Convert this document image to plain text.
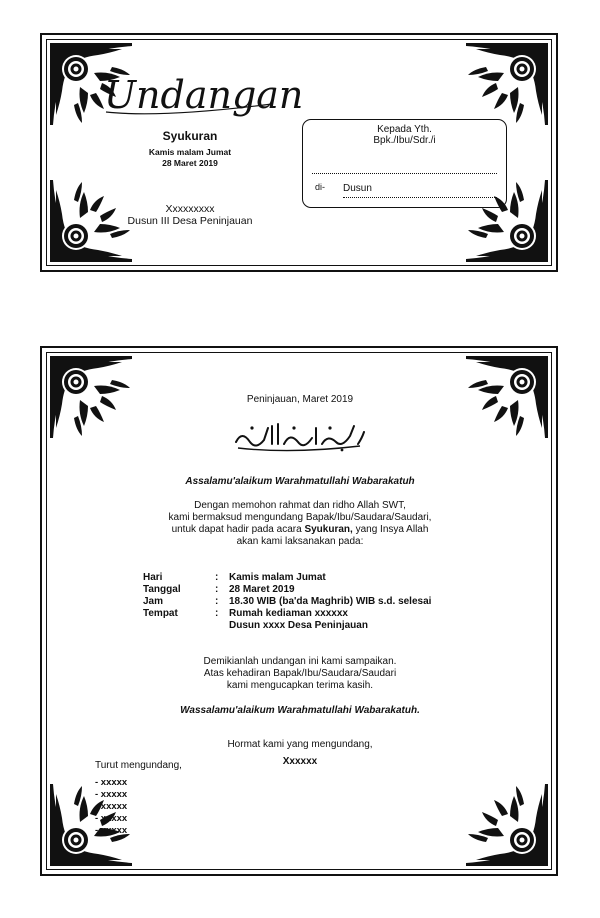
Undangan
Syukuran
Kamis malam Jumat
28 Maret 2019
Xxxxxxxxx
Dusun III Desa Peninjauan
Kepada Yth.
Bpk./Ibu/Sdr./i
di- Dusun
Peninjauan, Maret 2019
Assalamu'alaikum Warahmatullahi Wabarakatuh
Dengan memohon rahmat dan ridho Allah SWT,
kami bermaksud mengundang Bapak/Ibu/Saudara/Saudari,
untuk dapat hadir pada acara Syukuran, yang Insya Allah
akan kami laksanakan pada:
Hari	:	Kamis malam Jumat
Tanggal	:	28 Maret 2019
Jam	:	18.30 WIB (ba'da Maghrib) WIB s.d. selesai
Tempat	:	Rumah kediaman xxxxxx
Dusun xxxx Desa Peninjauan
Demikianlah undangan ini kami sampaikan.
Atas kehadiran Bapak/Ibu/Saudara/Saudari
kami mengucapkan terima kasih.
Wassalamu'alaikum Warahmatullahi Wabarakatuh.
Hormat kami yang mengundang,
Xxxxxx
Turut mengundang,
- xxxxx
- xxxxx
- xxxxx
- xxxxx
- xxxxx
